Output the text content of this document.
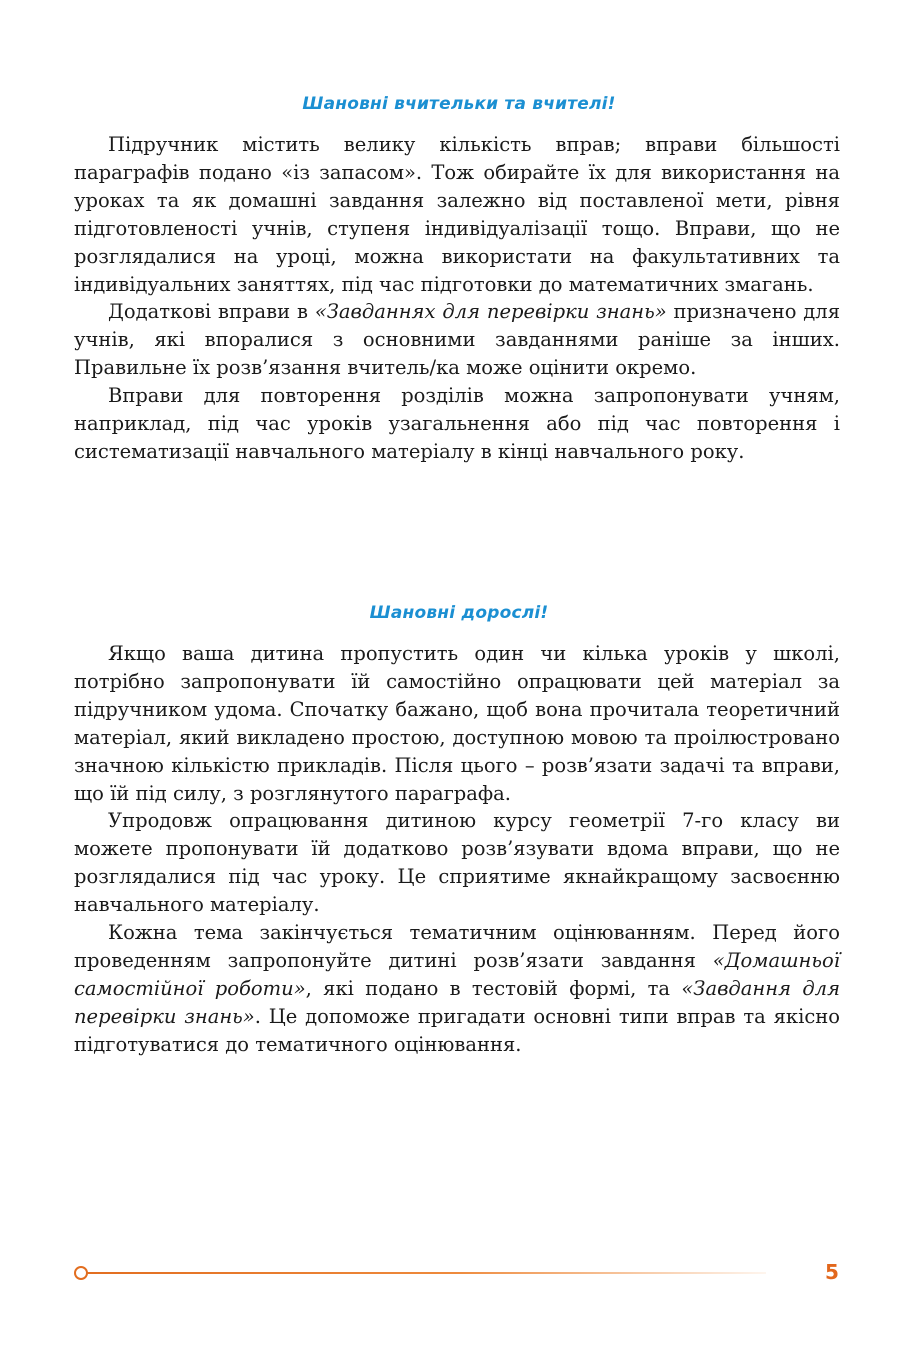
Шановні вчительки та вчителі!

Підручник містить велику кількість вправ; вправи більшості параграфів подано «із запасом». Тож обирайте їх для використання на уроках та як домашні завдання залежно від поставленої мети, рівня підготовленості учнів, ступеня індивідуалізації тощо. Вправи, що не розглядалися на уроці, можна використати на факультативних та індивідуальних заняттях, під час підготовки до математичних змагань.

Додаткові вправи в «Завданнях для перевірки знань» призначено для учнів, які впоралися з основними завданнями раніше за інших. Правильне їх розв’язання вчитель/ка може оцінити окремо.

Вправи для повторення розділів можна запропонувати учням, наприклад, під час уроків узагальнення або під час повторення і систематизації навчального матеріалу в кінці навчального року.

Шановні дорослі!

Якщо ваша дитина пропустить один чи кілька уроків у школі, потрібно запропонувати їй самостійно опрацювати цей матеріал за підручником удома. Спочатку бажано, щоб вона прочитала теоретичний матеріал, який викладено простою, доступною мовою та проілюстровано значною кількістю прикладів. Після цього – розв’язати задачі та вправи, що їй під силу, з розглянутого параграфа.

Упродовж опрацювання дитиною курсу геометрії 7-го класу ви можете пропонувати їй додатково розв’язувати вдома вправи, що не розглядалися під час уроку. Це сприятиме якнайкращому засвоєнню навчального матеріалу.

Кожна тема закінчується тематичним оцінюванням. Перед його проведенням запропонуйте дитині розв’язати завдання «Домашньої самостійної роботи», які подано в тестовій формі, та «Завдання для перевірки знань». Це допоможе пригадати основні типи вправ та якісно підготуватися до тематичного оцінювання.

5
